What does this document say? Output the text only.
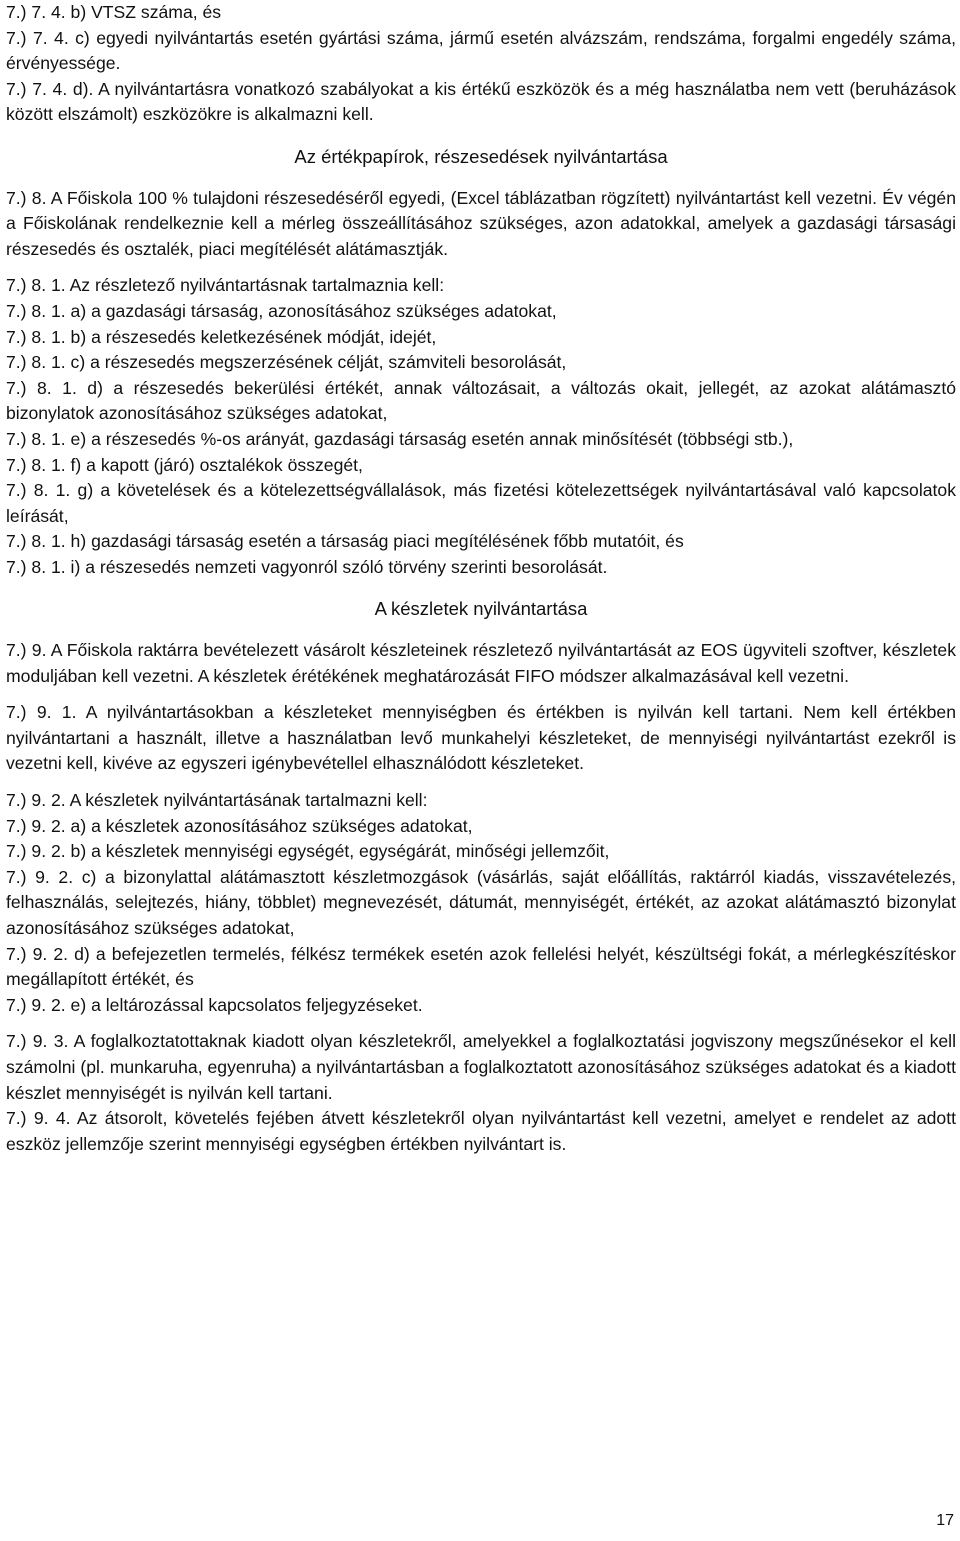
7.) 7. 4. b) VTSZ száma, és

7.) 7. 4. c) egyedi nyilvántartás esetén gyártási száma, jármű esetén alvázszám, rendszáma, forgalmi engedély száma, érvényessége.

7.) 7. 4. d). A nyilvántartásra vonatkozó szabályokat a kis értékű eszközök és a még használatba nem vett (beruházások között elszámolt) eszközökre is alkalmazni kell.

Az értékpapírok, részesedések nyilvántartása

7.) 8. A Főiskola 100 % tulajdoni részesedéséről egyedi, (Excel táblázatban rögzített) nyilvántartást kell vezetni. Év végén a Főiskolának rendelkeznie kell a mérleg összeállításához szükséges, azon adatokkal, amelyek a gazdasági társasági részesedés és osztalék, piaci megítélését alátámasztják.

7.) 8. 1. Az részletező nyilvántartásnak tartalmaznia kell:

7.) 8. 1. a) a gazdasági társaság, azonosításához szükséges adatokat,

7.) 8. 1. b) a részesedés keletkezésének módját, idejét,

7.) 8. 1. c) a részesedés megszerzésének célját, számviteli besorolását,

7.) 8. 1. d) a részesedés bekerülési értékét, annak változásait, a változás okait, jellegét, az azokat alátámasztó bizonylatok azonosításához szükséges adatokat,

7.) 8. 1. e) a részesedés %-os arányát, gazdasági társaság esetén annak minősítését (többségi stb.),

7.) 8. 1. f) a kapott (járó) osztalékok összegét,

7.) 8. 1. g) a követelések és a kötelezettségvállalások, más fizetési kötelezettségek nyilvántartásával való kapcsolatok leírását,

7.) 8. 1. h) gazdasági társaság esetén a társaság piaci megítélésének főbb mutatóit, és

7.) 8. 1. i) a részesedés nemzeti vagyonról szóló törvény szerinti besorolását.

A készletek nyilvántartása

7.) 9. A Főiskola raktárra bevételezett vásárolt készleteinek részletező nyilvántartását az EOS ügyviteli szoftver, készletek moduljában kell vezetni. A készletek érétékének meghatározását FIFO módszer alkalmazásával kell vezetni.

7.) 9. 1. A nyilvántartásokban a készleteket mennyiségben és értékben is nyilván kell tartani. Nem kell értékben nyilvántartani a használt, illetve a használatban levő munkahelyi készleteket, de mennyiségi nyilvántartást ezekről is vezetni kell, kivéve az egyszeri igénybevétellel elhasználódott készleteket.

7.) 9. 2. A készletek nyilvántartásának tartalmazni kell:

7.) 9. 2. a) a készletek azonosításához szükséges adatokat,

7.) 9. 2. b) a készletek mennyiségi egységét, egységárát, minőségi jellemzőit,

7.) 9. 2. c) a bizonylattal alátámasztott készletmozgások (vásárlás, saját előállítás, raktárról kiadás, visszavételezés, felhasználás, selejtezés, hiány, többlet) megnevezését, dátumát, mennyiségét, értékét, az azokat alátámasztó bizonylat azonosításához szükséges adatokat,

7.) 9. 2. d) a befejezetlen termelés, félkész termékek esetén azok fellelési helyét, készültségi fokát, a mérlegkészítéskor megállapított értékét, és

7.) 9. 2. e) a leltározással kapcsolatos feljegyzéseket.

7.) 9. 3. A foglalkoztatottaknak kiadott olyan készletekről, amelyekkel a foglalkoztatási jogviszony megszűnésekor el kell számolni (pl. munkaruha, egyenruha) a nyilvántartásban a foglalkoztatott azonosításához szükséges adatokat és a kiadott készlet mennyiségét is nyilván kell tartani.

7.) 9. 4. Az átsorolt, követelés fejében átvett készletekről olyan nyilvántartást kell vezetni, amelyet e rendelet az adott eszköz jellemzője szerint mennyiségi egységben értékben nyilvántart is.

17
